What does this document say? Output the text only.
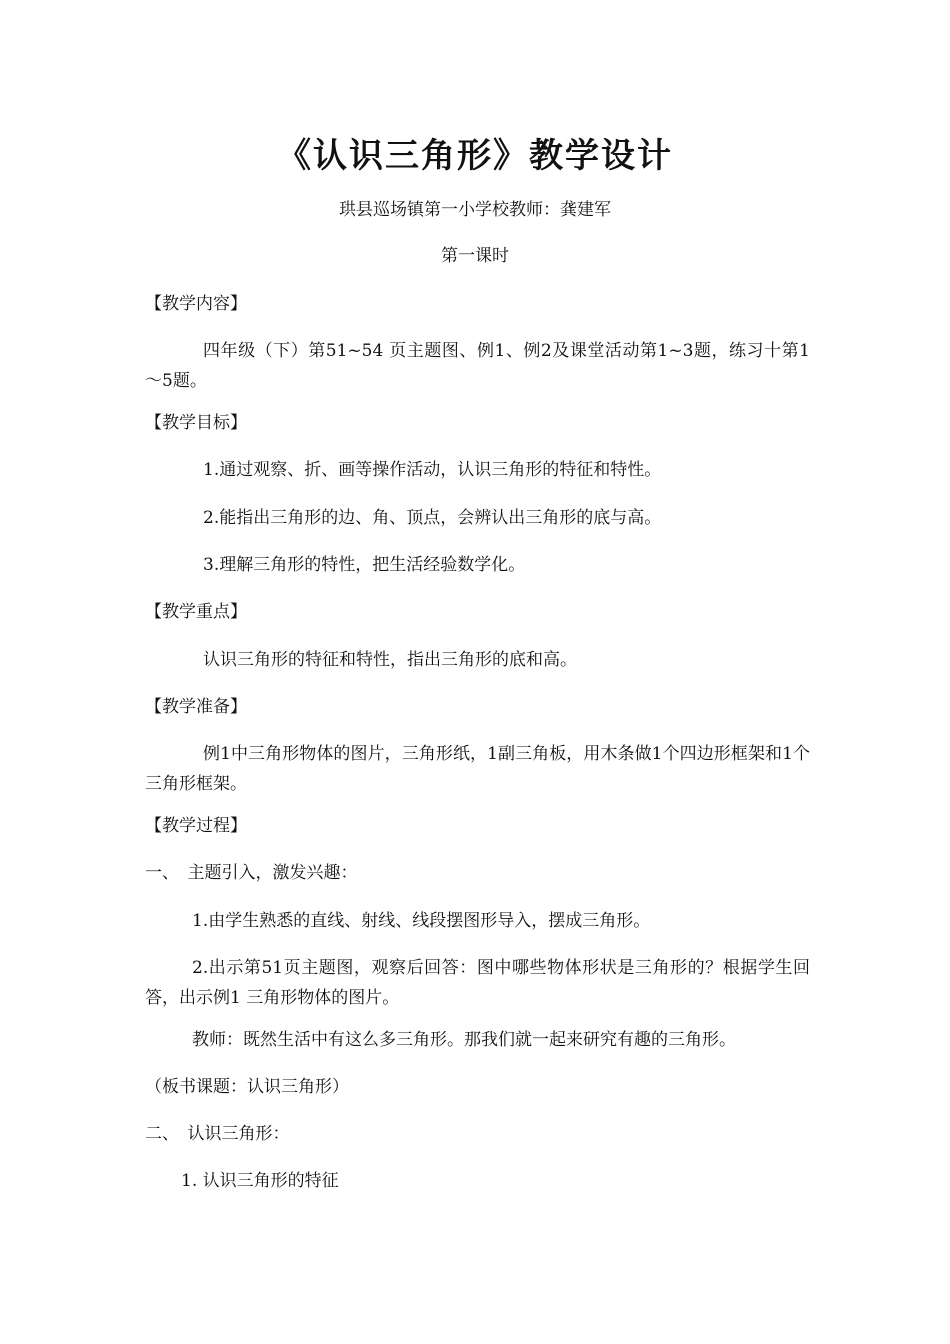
《认识三角形》教学设计

珙县巡场镇第一小学校教师：龚建军

第一课时

【教学内容】

四年级（下）第51~54 页主题图、例1、例2及课堂活动第1~3题，练习十第1～5题。

【教学目标】

1.通过观察、折、画等操作活动，认识三角形的特征和特性。

2.能指出三角形的边、角、顶点，会辨认出三角形的底与高。

3.理解三角形的特性，把生活经验数学化。

【教学重点】

认识三角形的特征和特性，指出三角形的底和高。

【教学准备】

例1中三角形物体的图片，三角形纸，1副三角板，用木条做1个四边形框架和1个三角形框架。

【教学过程】

一、　主题引入，激发兴趣：

1.由学生熟悉的直线、射线、线段摆图形导入，摆成三角形。

2.出示第51页主题图，观察后回答：图中哪些物体形状是三角形的？根据学生回答，出示例1 三角形物体的图片。

教师：既然生活中有这么多三角形。那我们就一起来研究有趣的三角形。

（板书课题：认识三角形）

二、　认识三角形：

1. 认识三角形的特征
